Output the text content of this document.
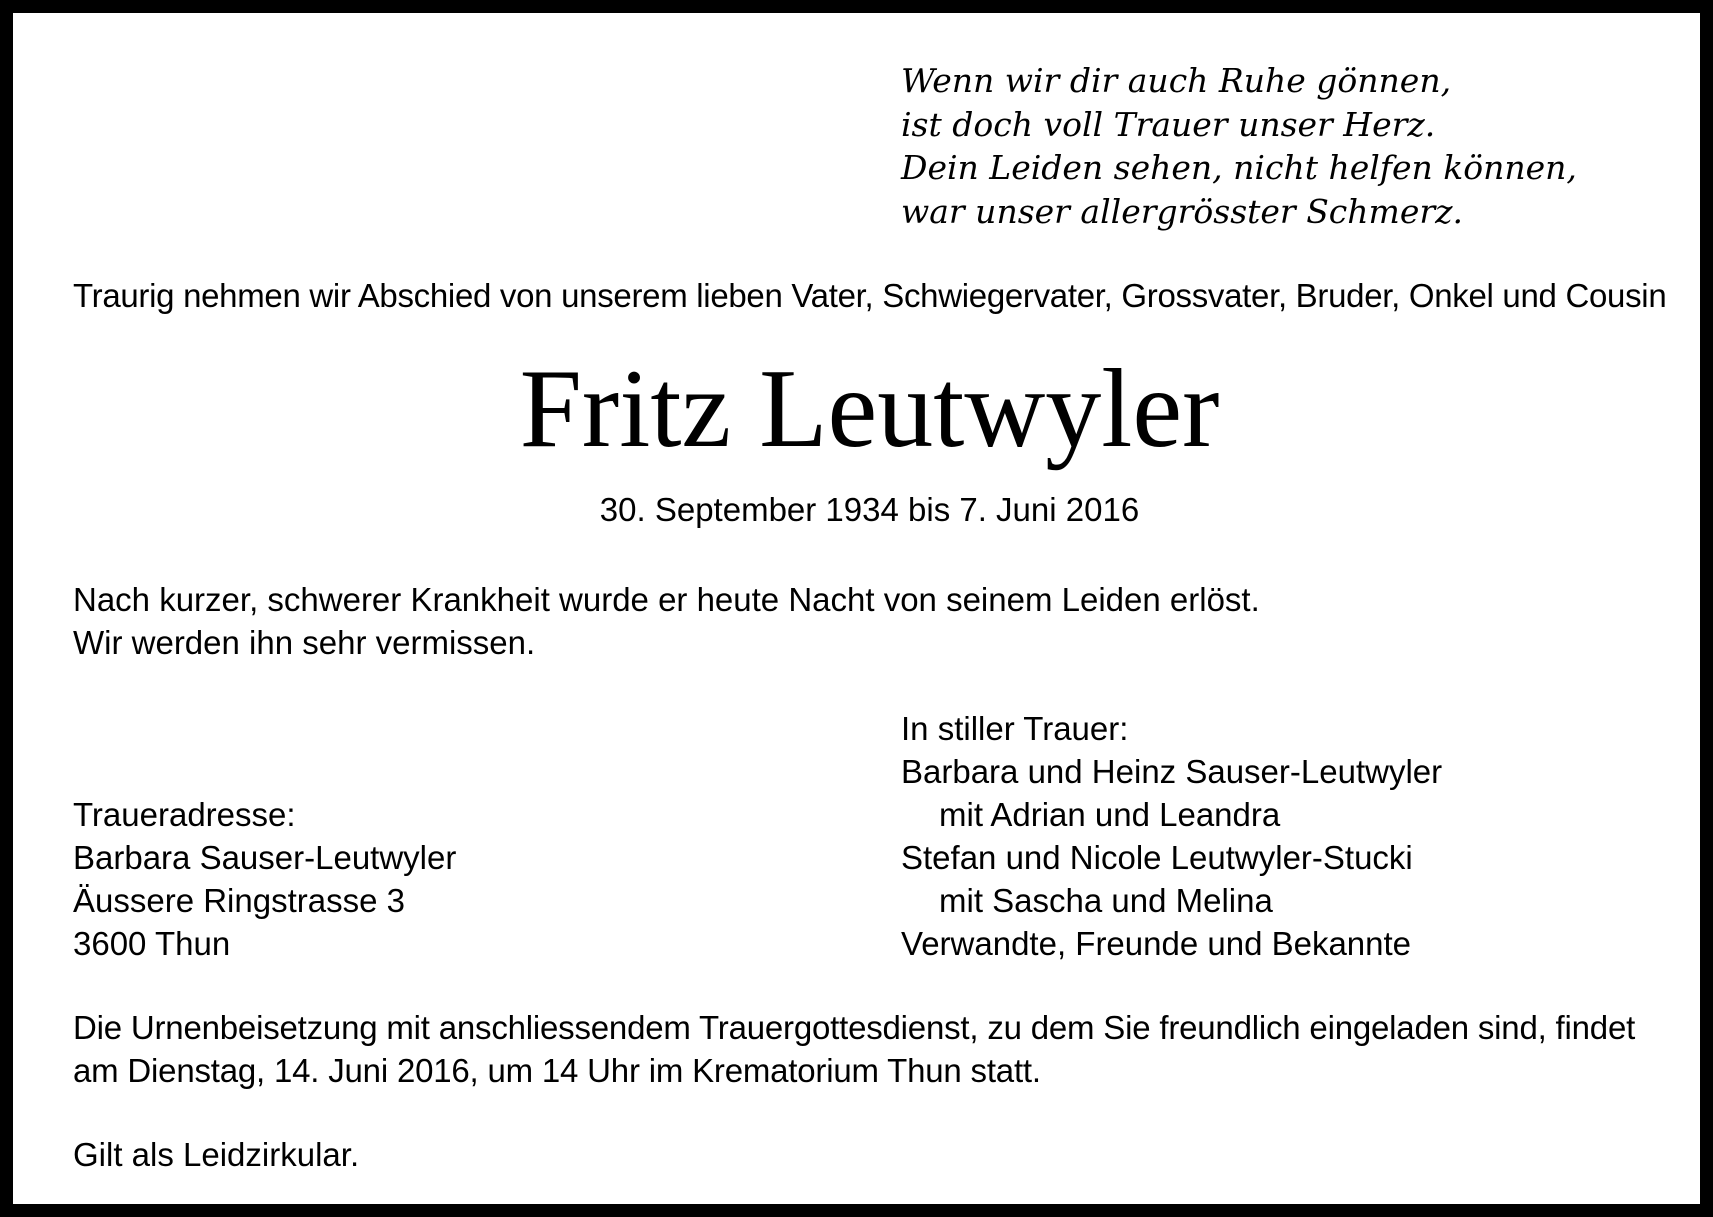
Wenn wir dir auch Ruhe gönnen,
ist doch voll Trauer unser Herz.
Dein Leiden sehen, nicht helfen können,
war unser allergrösster Schmerz.
Traurig nehmen wir Abschied von unserem lieben Vater, Schwiegervater, Grossvater, Bruder, Onkel und Cousin
Fritz Leutwyler
30. September 1934 bis 7. Juni 2016
Nach kurzer, schwerer Krankheit wurde er heute Nacht von seinem Leiden erlöst.
Wir werden ihn sehr vermissen.
In stiller Trauer:
Barbara und Heinz Sauser-Leutwyler
mit Adrian und Leandra
Stefan und Nicole Leutwyler-Stucki
mit Sascha und Melina
Verwandte, Freunde und Bekannte
Traueradresse:
Barbara Sauser-Leutwyler
Äussere Ringstrasse 3
3600 Thun
Die Urnenbeisetzung mit anschliessendem Trauergottesdienst, zu dem Sie freundlich eingeladen sind, findet
am Dienstag, 14. Juni 2016, um 14 Uhr im Krematorium Thun statt.
Gilt als Leidzirkular.
